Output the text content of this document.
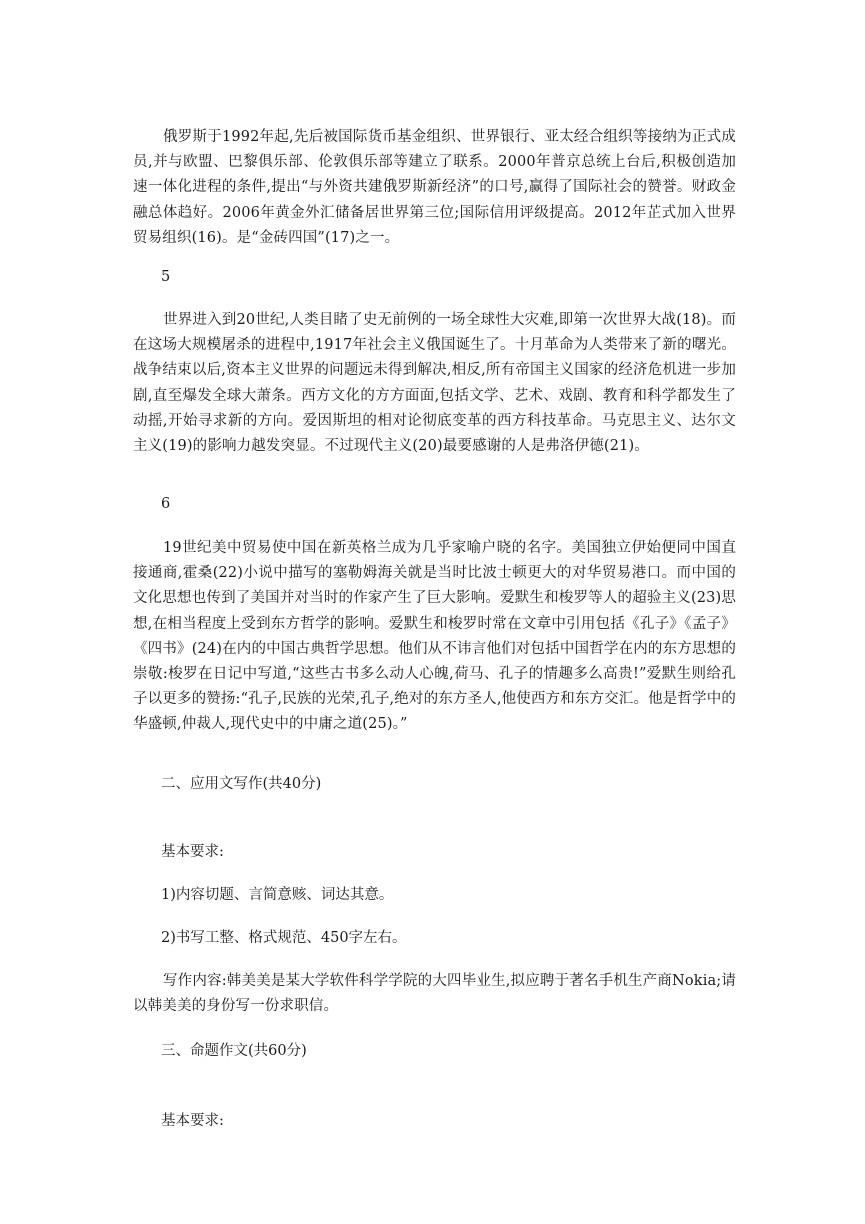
俄罗斯于1992年起,先后被国际货币基金组织、世界银行、亚太经合组织等接纳为正式成员,并与欧盟、巴黎俱乐部、伦敦俱乐部等建立了联系。2000年普京总统上台后,积极创造加速一体化进程的条件,提出“与外资共建俄罗斯新经济”的口号,赢得了国际社会的赞誉。财政金融总体趋好。2006年黄金外汇储备居世界第三位;国际信用评级提高。2012年芷式加入世界贸易组织(16)。是“金砖四国”(17)之一。
5
世界进入到20世纪,人类目睹了史无前例的一场全球性大灾难,即第一次世界大战(18)。而在这场大规模屠杀的进程中,1917年社会主义俄国诞生了。十月革命为人类带来了新的曙光。战争结束以后,资本主义世界的问题远未得到解决,相反,所有帝国主义国家的经济危机进一步加剧,直至爆发全球大萧条。西方文化的方方面面,包括文学、艺术、戏剧、教育和科学都发生了动摇,开始寻求新的方向。爱因斯坦的相对论彻底变革的西方科技革命。马克思主义、达尔文主义(19)的影响力越发突显。不过现代主义(20)最要感谢的人是弗洛伊德(21)。
6
19世纪美中贸易使中国在新英格兰成为几乎家喻户晓的名字。美国独立伊始便同中国直接通商,霍桑(22)小说中描写的塞勒姆海关就是当时比波士顿更大的对华贸易港口。而中国的文化思想也传到了美国并对当时的作家产生了巨大影响。爱默生和梭罗等人的超验主义(23)思想,在相当程度上受到东方哲学的影响。爱默生和梭罗时常在文章中引用包括《孔子》《孟子》《四书》(24)在内的中国古典哲学思想。他们从不讳言他们对包括中国哲学在内的东方思想的崇敬:梭罗在日记中写道,“这些古书多么动人心魄,荷马、孔子的情趣多么高贵!”爱默生则给孔子以更多的赞扬:“孔子,民族的光荣,孔子,绝对的东方圣人,他使西方和东方交汇。他是哲学中的华盛顿,仲裁人,现代史中的中庸之道(25)。”
二、应用文写作(共40分)
基本要求:
1)内容切题、言简意赅、词达其意。
2)书写工整、格式规范、450字左右。
写作内容:韩美美是某大学软件科学学院的大四毕业生,拟应聘于著名手机生产商Nokia;请以韩美美的身份写一份求职信。
三、命题作文(共60分)
基本要求:
